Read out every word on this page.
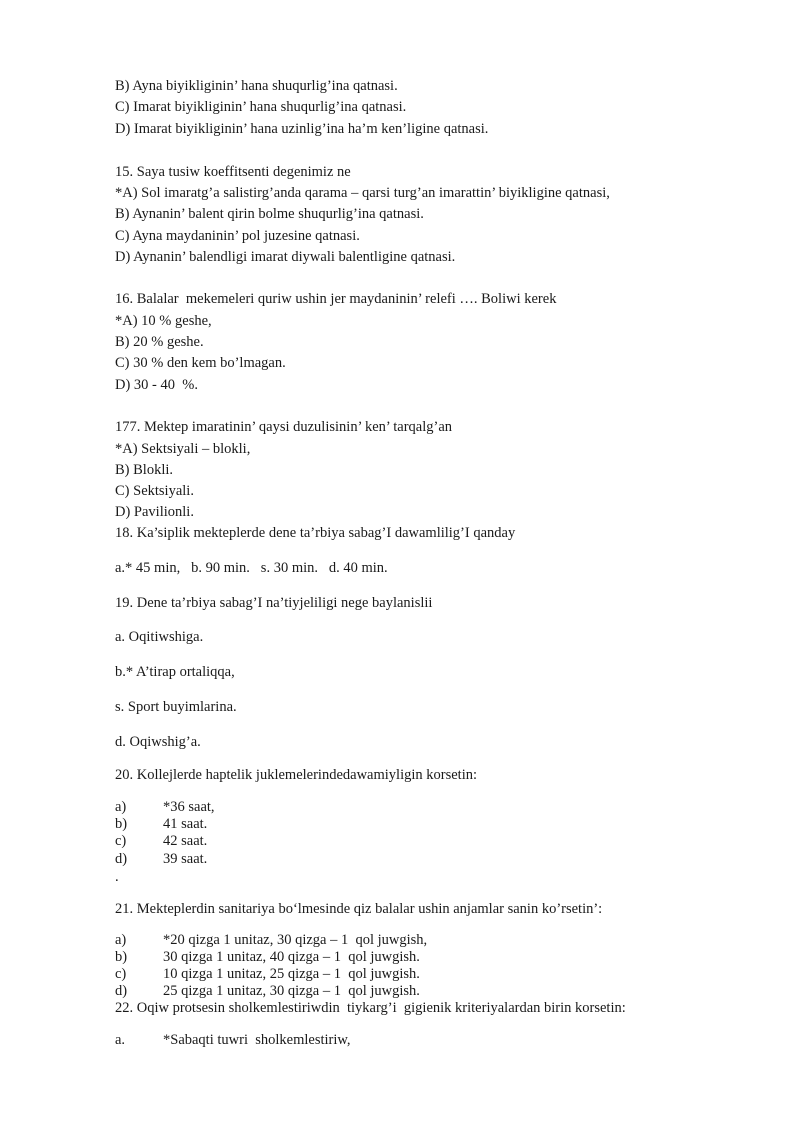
B) Ayna biyikliginin’ hana shuqurlig’ina qatnasi.
C) Imarat biyikliginin’ hana shuqurlig’ina qatnasi.
D) Imarat biyikliginin’ hana uzinlig’ina ha’m ken’ligine qatnasi.
15. Saya tusiw koeffitsenti degenimiz ne
*A) Sol imaratg’a salistirg’anda qarama – qarsi turg’an imarattin’ biyikligine qatnasi,
B) Aynanin’ balent qirin bolme shuqurlig’ina qatnasi.
C) Ayna maydaninin’ pol juzesine qatnasi.
D) Aynanin’ balendligi imarat diywali balentligine qatnasi.
16. Balalar  mekemeleri quriw ushin jer maydaninin’ relefi …. Boliwi kerek
*A) 10 % geshe,
B) 20 % geshe.
C) 30 % den kem bo’lmagan.
D) 30 - 40  %.
177. Mektep imaratinin’ qaysi duzulisinin’ ken’ tarqalg’an
*A) Sektsiyali – blokli,
B) Blokli.
C) Sektsiyali.
D) Pavilionli.
18. Ka’siplik mekteplerde dene ta’rbiya sabag’I dawamlilig’I qanday
a.* 45 min,   b. 90 min.   s. 30 min.   d. 40 min.
19. Dene ta’rbiya sabag’I na’tiyjeliligi nege baylanislii
a. Oqitiwshiga.
b.* A’tirap ortaliqqa,
s. Sport buyimlarina.
d. Oqiwshig’a.
20. Kollejlerde haptelik juklemelerindedawamiyligin korsetin:
a)	*36 saat,
b) 41 saat.
c)	42 saat.
d) 39 saat.
.
21. Mekteplerdin sanitariya bo‘lmesinde qiz balalar ushin anjamlar sanin ko’rsetin’:
a)	*20 qizga 1 unitaz, 30 qizga – 1  qol juwgish,
b) 30 qizga 1 unitaz, 40 qizga – 1  qol juwgish.
c)	10 qizga 1 unitaz, 25 qizga – 1  qol juwgish.
d) 25 qizga 1 unitaz, 30 qizga – 1  qol juwgish.
22. Oqiw protsesin sholkemlestiriwdin  tiykarg’i  gigienik kriteriyalardan birin korsetin:
a.	*Sabaqti tuwri  sholkemlestiriw,
